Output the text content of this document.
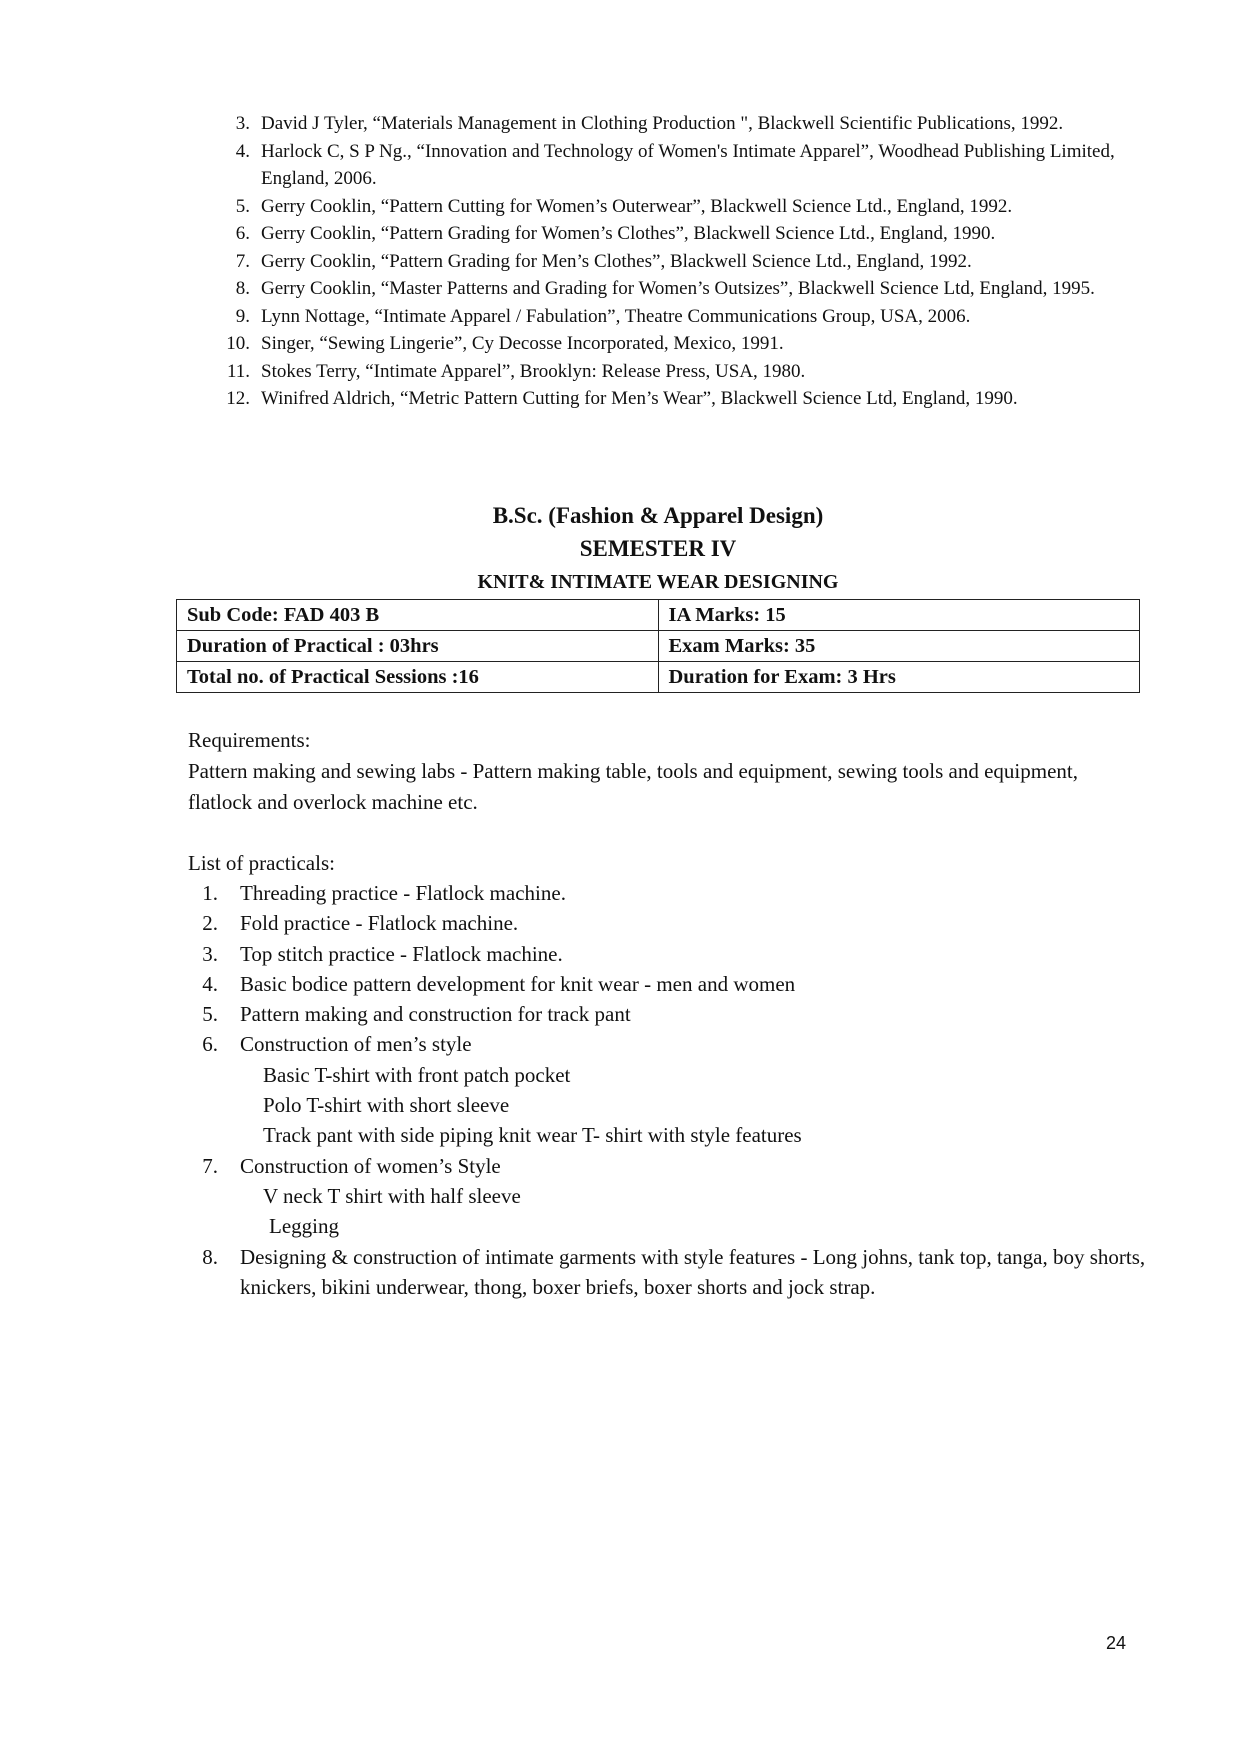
3. David J Tyler, “Materials Management in Clothing Production ", Blackwell Scientific Publications, 1992.
4. Harlock C, S P Ng., “Innovation and Technology of Women's Intimate Apparel”, Woodhead Publishing Limited, England, 2006.
5. Gerry Cooklin, “Pattern Cutting for Women’s Outerwear”, Blackwell Science Ltd., England, 1992.
6. Gerry Cooklin, “Pattern Grading for Women’s Clothes”, Blackwell Science Ltd., England, 1990.
7. Gerry Cooklin, “Pattern Grading for Men’s Clothes”, Blackwell Science Ltd., England, 1992.
8. Gerry Cooklin, “Master Patterns and Grading for Women’s Outsizes”, Blackwell Science Ltd, England, 1995.
9. Lynn Nottage, “Intimate Apparel / Fabulation”, Theatre Communications Group, USA, 2006.
10. Singer, “Sewing Lingerie”, Cy Decosse Incorporated, Mexico, 1991.
11. Stokes Terry, “Intimate Apparel”, Brooklyn: Release Press, USA, 1980.
12. Winifred Aldrich, “Metric Pattern Cutting for Men’s Wear”, Blackwell Science Ltd, England, 1990.
B.Sc. (Fashion & Apparel Design)
SEMESTER IV
KNIT& INTIMATE WEAR DESIGNING
Sub Code: FAD 403 B	IA Marks: 15
Duration of Practical : 03hrs	Exam Marks: 35
Total no. of Practical Sessions :16	Duration for Exam: 3 Hrs
Requirements:

Pattern making and sewing labs - Pattern making table, tools and equipment, sewing tools and equipment, flatlock and overlock machine etc.

List of practicals:
1. Threading practice - Flatlock machine.
2. Fold practice - Flatlock machine.
3. Top stitch practice - Flatlock machine.
4. Basic bodice pattern development for knit wear - men and women
5. Pattern making and construction for track pant
6. Construction of men’s style
Basic T-shirt with front patch pocket
Polo T-shirt with short sleeve
Track pant with side piping knit wear T- shirt with style features
7. Construction of women’s Style
V neck T shirt with half sleeve
Legging
8. Designing & construction of intimate garments with style features - Long johns, tank top, tanga, boy shorts, knickers, bikini underwear, thong, boxer briefs, boxer shorts and jock strap.
24
